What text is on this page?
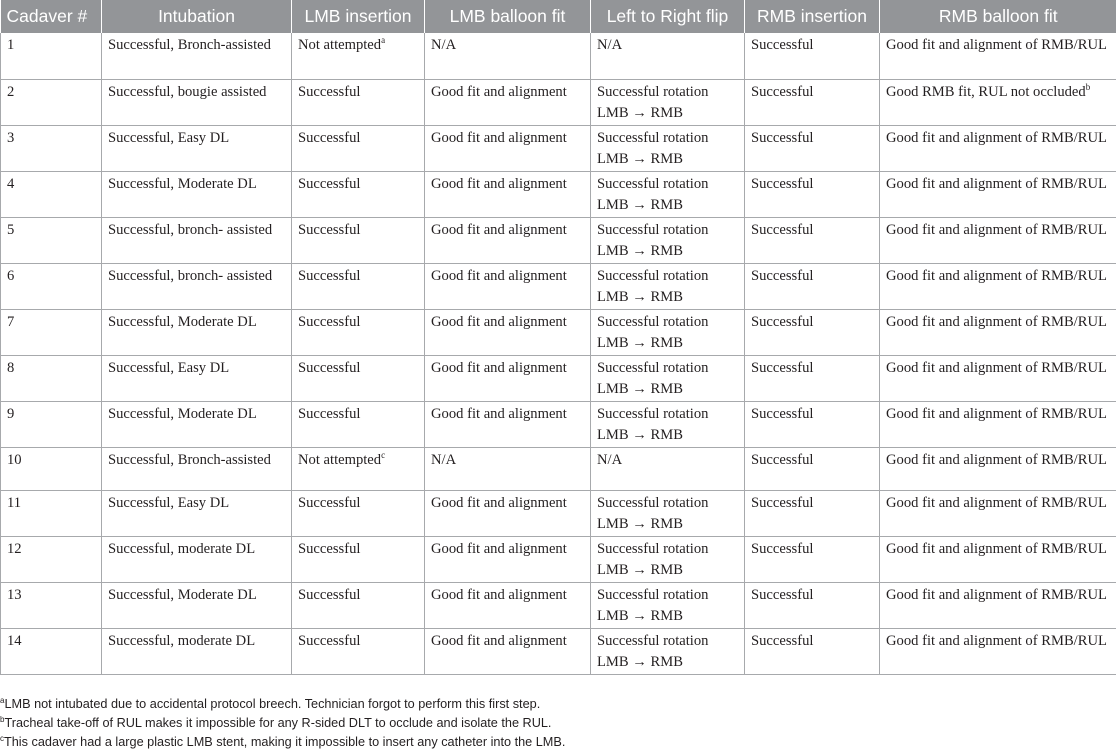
Cadaver #	Intubation	LMB insertion	LMB balloon fit	Left to Right flip	RMB insertion	RMB balloon fit
1	Successful, Bronch-assisted	Not attempted$^a$	N/A	N/A	Successful	Good fit and alignment of RMB/RUL
2	Successful, bougie assisted	Successful	Good fit and alignment	Successful rotation LMB → RMB	Successful	Good RMB fit, RUL not occluded$^b$
3	Successful, Easy DL	Successful	Good fit and alignment	Successful rotation LMB → RMB	Successful	Good fit and alignment of RMB/RUL
4	Successful, Moderate DL	Successful	Good fit and alignment	Successful rotation LMB → RMB	Successful	Good fit and alignment of RMB/RUL
5	Successful, bronch- assisted	Successful	Good fit and alignment	Successful rotation LMB → RMB	Successful	Good fit and alignment of RMB/RUL
6	Successful, bronch- assisted	Successful	Good fit and alignment	Successful rotation LMB → RMB	Successful	Good fit and alignment of RMB/RUL
7	Successful, Moderate DL	Successful	Good fit and alignment	Successful rotation LMB → RMB	Successful	Good fit and alignment of RMB/RUL
8	Successful, Easy DL	Successful	Good fit and alignment	Successful rotation LMB → RMB	Successful	Good fit and alignment of RMB/RUL
9	Successful, Moderate DL	Successful	Good fit and alignment	Successful rotation LMB → RMB	Successful	Good fit and alignment of RMB/RUL
10	Successful, Bronch-assisted	Not attempted$^c$	N/A	N/A	Successful	Good fit and alignment of RMB/RUL
11	Successful, Easy DL	Successful	Good fit and alignment	Successful rotation LMB → RMB	Successful	Good fit and alignment of RMB/RUL
12	Successful, moderate DL	Successful	Good fit and alignment	Successful rotation LMB → RMB	Successful	Good fit and alignment of RMB/RUL
13	Successful, Moderate DL	Successful	Good fit and alignment	Successful rotation LMB → RMB	Successful	Good fit and alignment of RMB/RUL
14	Successful, moderate DL	Successful	Good fit and alignment	Successful rotation LMB → RMB	Successful	Good fit and alignment of RMB/RUL
$^a$LMB not intubated due to accidental protocol breech. Technician forgot to perform this first step.
$^b$Tracheal take-off of RUL makes it impossible for any R-sided DLT to occlude and isolate the RUL.
$^c$This cadaver had a large plastic LMB stent, making it impossible to insert any catheter into the LMB.
